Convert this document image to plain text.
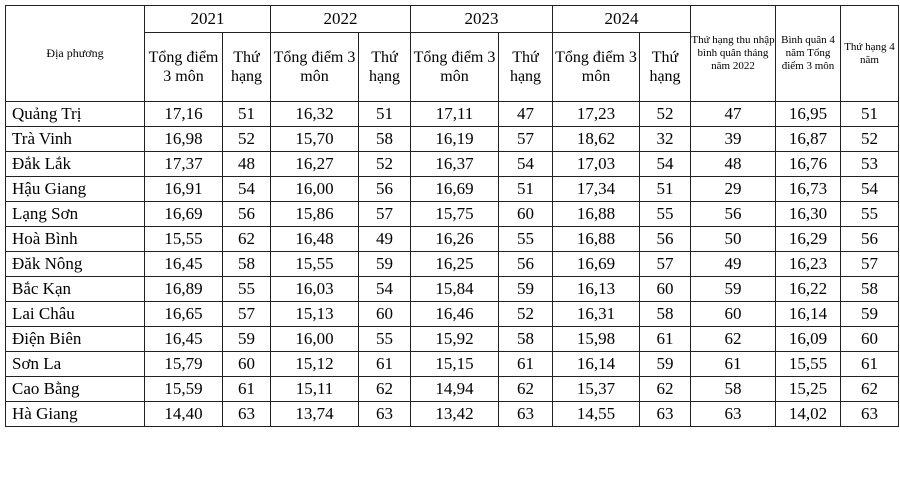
Địa phương	2021		2022		2023		2024		Thứ hạng thu nhập bình quân tháng năm 2022	Bình quân 4 năm Tổng điểm 3 môn	Thứ hạng 4 năm
	Tổng điểm 3 môn	Thứ hạng	Tổng điểm 3 môn	Thứ hạng	Tổng điểm 3 môn	Thứ hạng	Tổng điểm 3 môn	Thứ hạng			
Quảng Trị	17,16	51	16,32	51	17,11	47	17,23	52	47	16,95	51
Trà Vinh	16,98	52	15,70	58	16,19	57	18,62	32	39	16,87	52
Đắk Lắk	17,37	48	16,27	52	16,37	54	17,03	54	48	16,76	53
Hậu Giang	16,91	54	16,00	56	16,69	51	17,34	51	29	16,73	54
Lạng Sơn	16,69	56	15,86	57	15,75	60	16,88	55	56	16,30	55
Hoà Bình	15,55	62	16,48	49	16,26	55	16,88	56	50	16,29	56
Đăk Nông	16,45	58	15,55	59	16,25	56	16,69	57	49	16,23	57
Bắc Kạn	16,89	55	16,03	54	15,84	59	16,13	60	59	16,22	58
Lai Châu	16,65	57	15,13	60	16,46	52	16,31	58	60	16,14	59
Điện Biên	16,45	59	16,00	55	15,92	58	15,98	61	62	16,09	60
Sơn La	15,79	60	15,12	61	15,15	61	16,14	59	61	15,55	61
Cao Bằng	15,59	61	15,11	62	14,94	62	15,37	62	58	15,25	62
Hà Giang	14,40	63	13,74	63	13,42	63	14,55	63	63	14,02	63
